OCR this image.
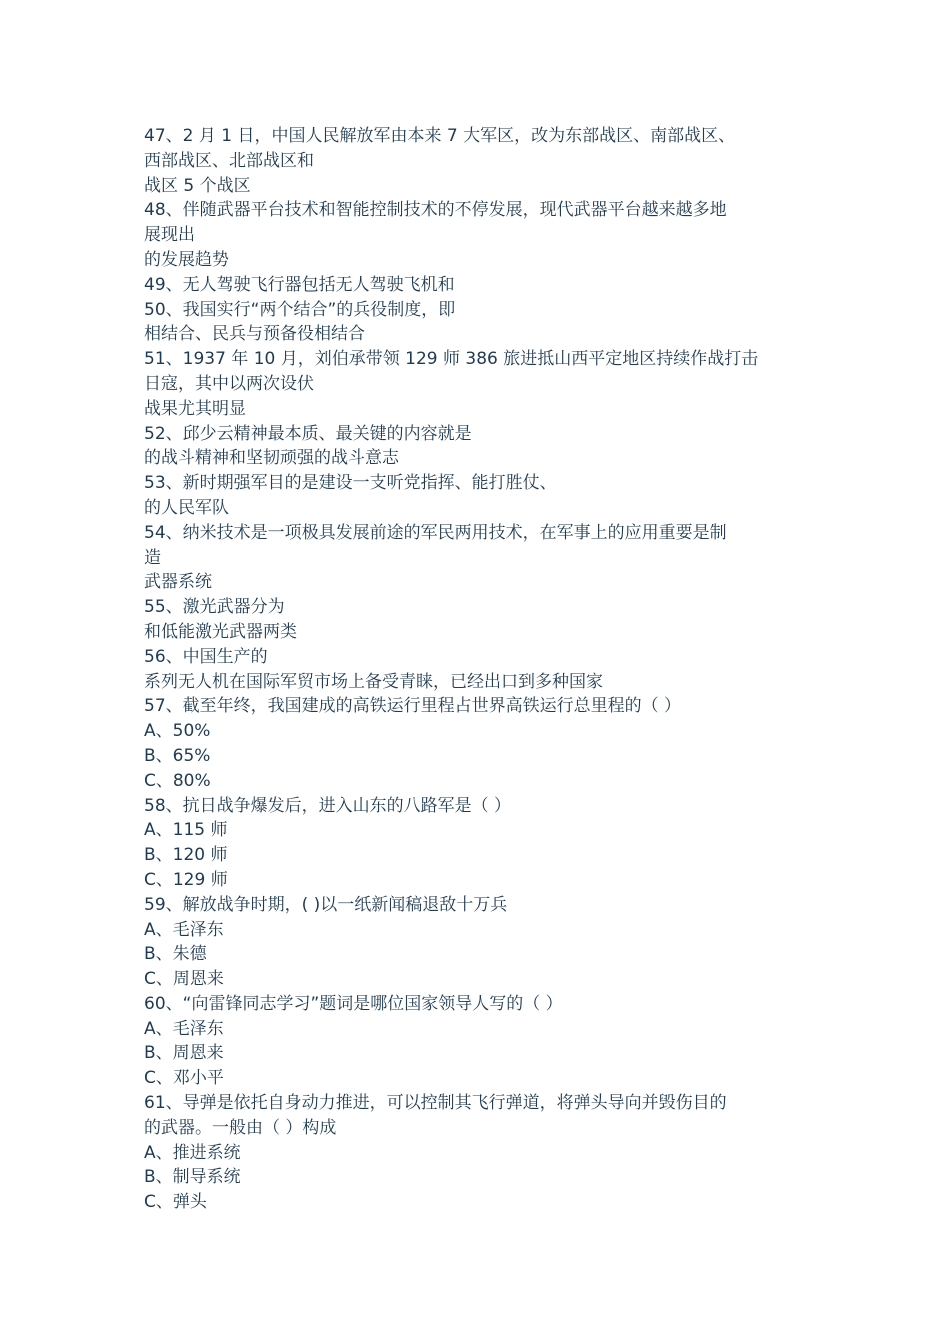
47、2 月 1 日，中国人民解放军由本来 7 大军区，改为东部战区、南部战区、
西部战区、北部战区和
战区 5 个战区
48、伴随武器平台技术和智能控制技术的不停发展，现代武器平台越来越多地
展现出
的发展趋势
49、无人驾驶飞行器包括无人驾驶飞机和
50、我国实行“两个结合”的兵役制度，即
相结合、民兵与预备役相结合
51、1937 年 10 月，刘伯承带领 129 师 386 旅进抵山西平定地区持续作战打击
日寇，其中以两次设伏
战果尤其明显
52、邱少云精神最本质、最关键的内容就是
的战斗精神和坚韧顽强的战斗意志
53、新时期强军目的是建设一支听党指挥、能打胜仗、
的人民军队
54、纳米技术是一项极具发展前途的军民两用技术，在军事上的应用重要是制
造
武器系统
55、激光武器分为
和低能激光武器两类
56、中国生产的
系列无人机在国际军贸市场上备受青睐，已经出口到多种国家
57、截至年终，我国建成的高铁运行里程占世界高铁运行总里程的（ ）
A、50%
B、65%
C、80%
58、抗日战争爆发后，进入山东的八路军是（ ）
A、115 师
B、120 师
C、129 师
59、解放战争时期，( )以一纸新闻稿退敌十万兵
A、毛泽东
B、朱德
C、周恩来
60、“向雷锋同志学习”题词是哪位国家领导人写的（ ）
A、毛泽东
B、周恩来
C、邓小平
61、导弹是依托自身动力推进，可以控制其飞行弹道，将弹头导向并毁伤目的
的武器。一般由（ ）构成
A、推进系统
B、制导系统
C、弹头
